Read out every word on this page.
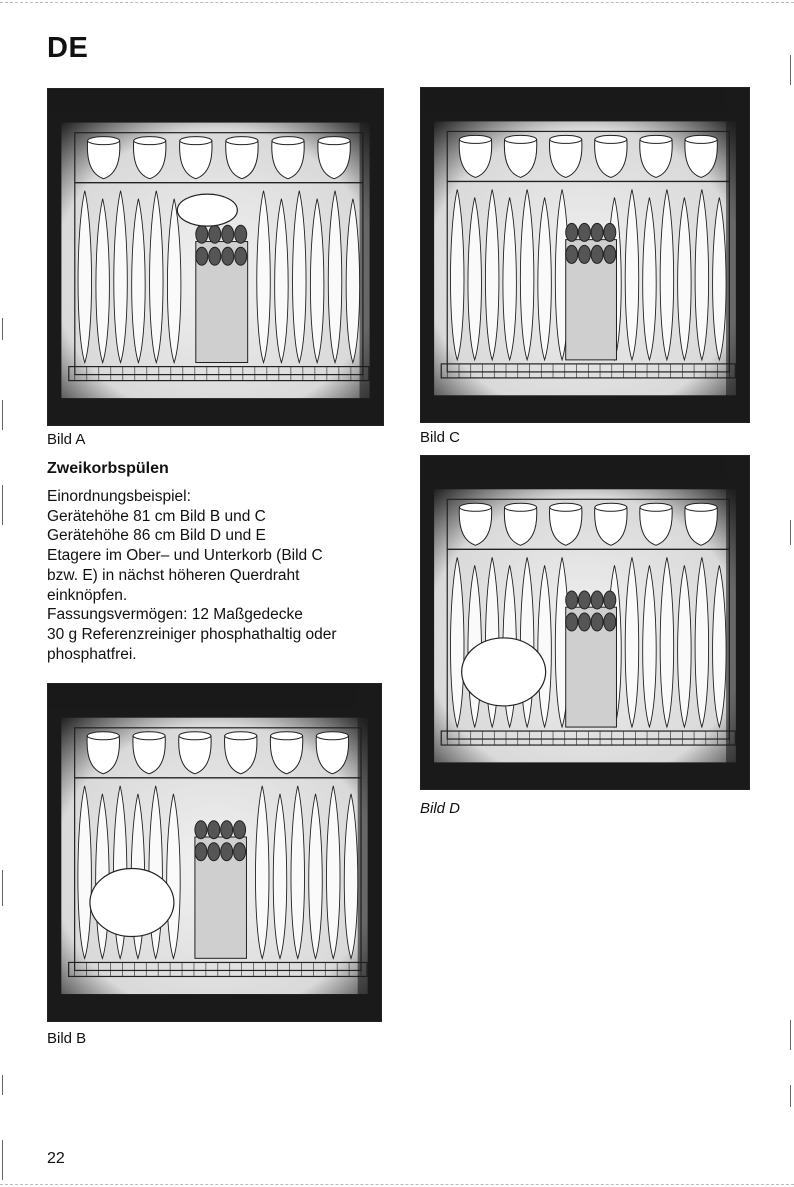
DE
Bild A
Zweikorbspülen

Einordnungsbeispiel:

Gerätehöhe 81 cm Bild B und C

Gerätehöhe 86 cm Bild D und E

Etagere im Ober– und Unterkorb (Bild C

bzw. E) in nächst höheren Querdraht

einknöpfen.

Fassungsvermögen: 12 Maßgedecke

30 g Referenzreiniger phosphathaltig oder

phosphatfrei.

Bild B
Bild C
Bild D
22
